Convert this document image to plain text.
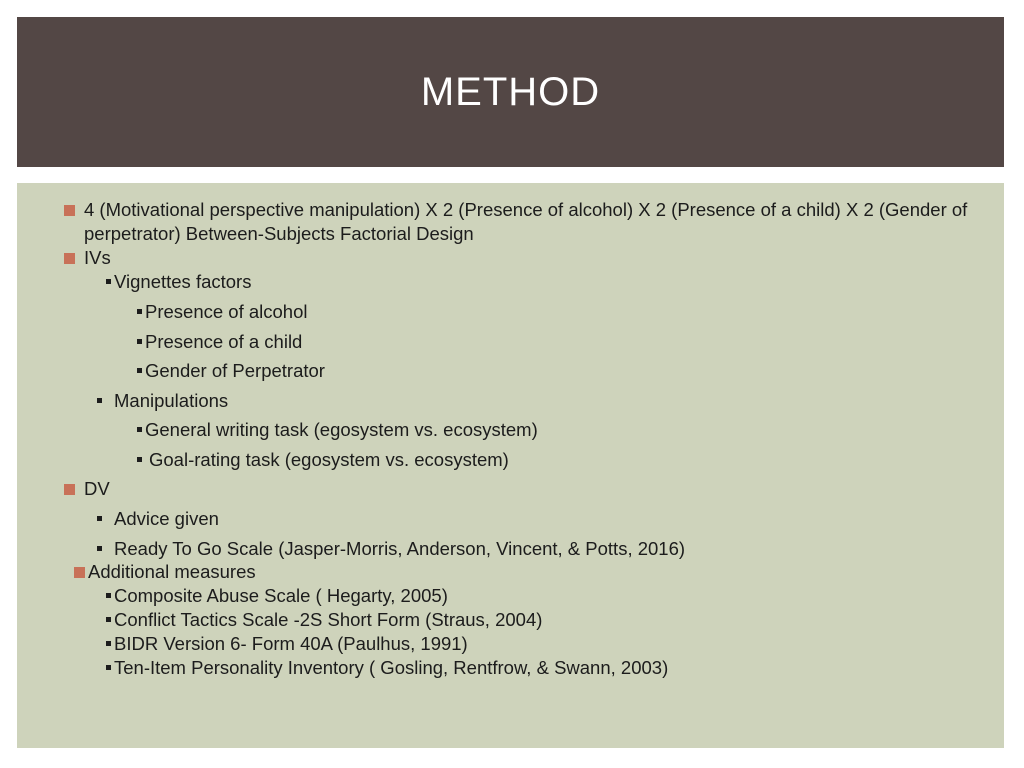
METHOD
4 (Motivational perspective manipulation) X 2 (Presence of alcohol) X 2 (Presence of a child) X 2 (Gender of
perpetrator) Between-Subjects Factorial Design
IVs
Vignettes factors
Presence of alcohol
Presence of a child
Gender of Perpetrator
Manipulations
General writing task (egosystem vs. ecosystem)
Goal-rating task (egosystem vs. ecosystem)
DV
Advice given
Ready To Go Scale (Jasper-Morris, Anderson, Vincent, & Potts, 2016)
Additional measures
Composite Abuse Scale ( Hegarty, 2005)
Conflict Tactics Scale -2S Short Form (Straus, 2004)
BIDR Version 6- Form 40A (Paulhus, 1991)
Ten-Item Personality Inventory ( Gosling, Rentfrow, & Swann, 2003)
